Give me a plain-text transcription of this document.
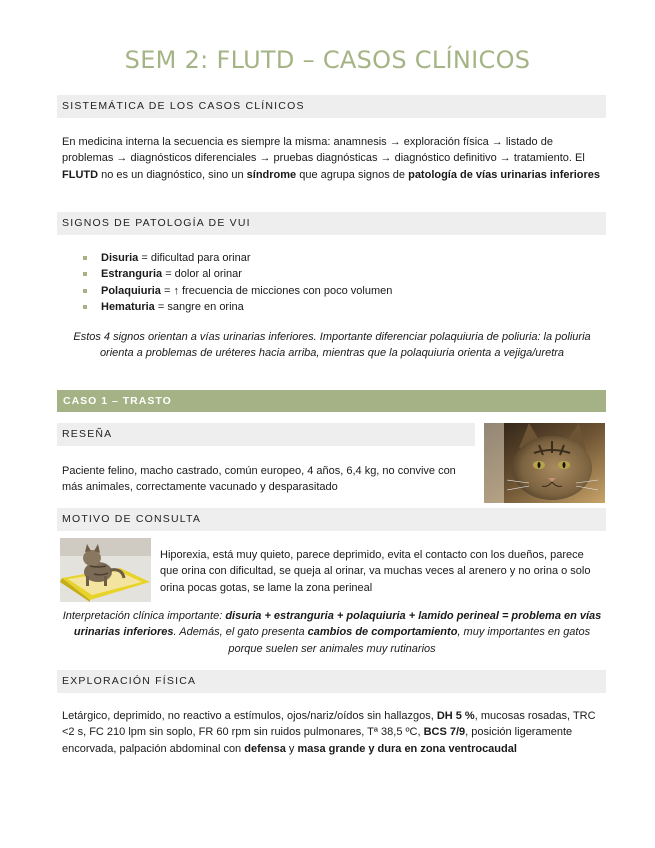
SEM 2: FLUTD – CASOS CLÍNICOS
SISTEMÁTICA DE LOS CASOS CLÍNICOS
En medicina interna la secuencia es siempre la misma: anamnesis → exploración física → listado de problemas → diagnósticos diferenciales → pruebas diagnósticas → diagnóstico definitivo → tratamiento. El FLUTD no es un diagnóstico, sino un síndrome que agrupa signos de patología de vías urinarias inferiores
SIGNOS DE PATOLOGÍA DE VUI
Disuria = dificultad para orinar
Estranguria = dolor al orinar
Polaquiuria = ↑ frecuencia de micciones con poco volumen
Hematuria = sangre en orina
Estos 4 signos orientan a vías urinarias inferiores. Importante diferenciar polaquiuria de poliuria: la poliuria orienta a problemas de uréteres hacia arriba, mientras que la polaquiuria orienta a vejiga/uretra
CASO 1 – TRASTO
RESEÑA
Paciente felino, macho castrado, común europeo, 4 años, 6,4 kg, no convive con más animales, correctamente vacunado y desparasitado
MOTIVO DE CONSULTA
Hiporexia, está muy quieto, parece deprimido, evita el contacto con los dueños, parece que orina con dificultad, se queja al orinar, va muchas veces al arenero y no orina o solo orina pocas gotas, se lame la zona perineal
Interpretación clínica importante: disuria + estranguria + polaquiuria + lamido perineal = problema en vías urinarias inferiores. Además, el gato presenta cambios de comportamiento, muy importantes en gatos porque suelen ser animales muy rutinarios
EXPLORACIÓN FÍSICA
Letárgico, deprimido, no reactivo a estímulos, ojos/nariz/oídos sin hallazgos, DH 5 %, mucosas rosadas, TRC <2 s, FC 210 lpm sin soplo, FR 60 rpm sin ruidos pulmonares, Tª 38,5 ºC, BCS 7/9, posición ligeramente encorvada, palpación abdominal con defensa y masa grande y dura en zona ventrocaudal
